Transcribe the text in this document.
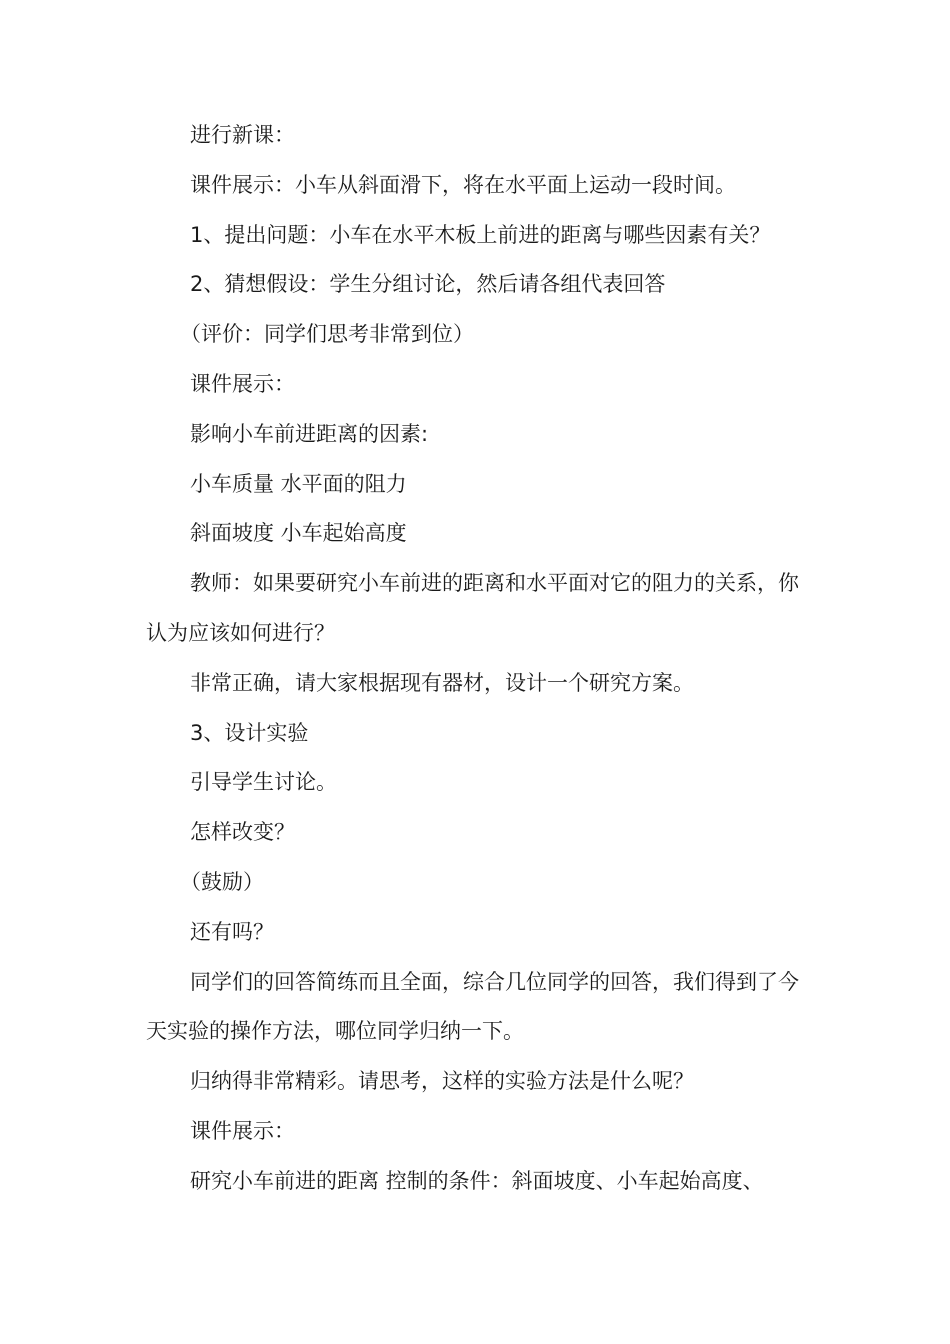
进行新课：

课件展示：小车从斜面滑下，将在水平面上运动一段时间。

1、提出问题：小车在水平木板上前进的距离与哪些因素有关？

2、猜想假设：学生分组讨论，然后请各组代表回答

（评价：同学们思考非常到位）

课件展示：

影响小车前进距离的因素:

小车质量 水平面的阻力

斜面坡度 小车起始高度

教师：如果要研究小车前进的距离和水平面对它的阻力的关系，你认为应该如何进行？

非常正确，请大家根据现有器材，设计一个研究方案。

3、设计实验

引导学生讨论。

怎样改变？

（鼓励）

还有吗？

同学们的回答简练而且全面，综合几位同学的回答，我们得到了今天实验的操作方法，哪位同学归纳一下。

归纳得非常精彩。请思考，这样的实验方法是什么呢？

课件展示：

研究小车前进的距离 控制的条件：斜面坡度、小车起始高度、
